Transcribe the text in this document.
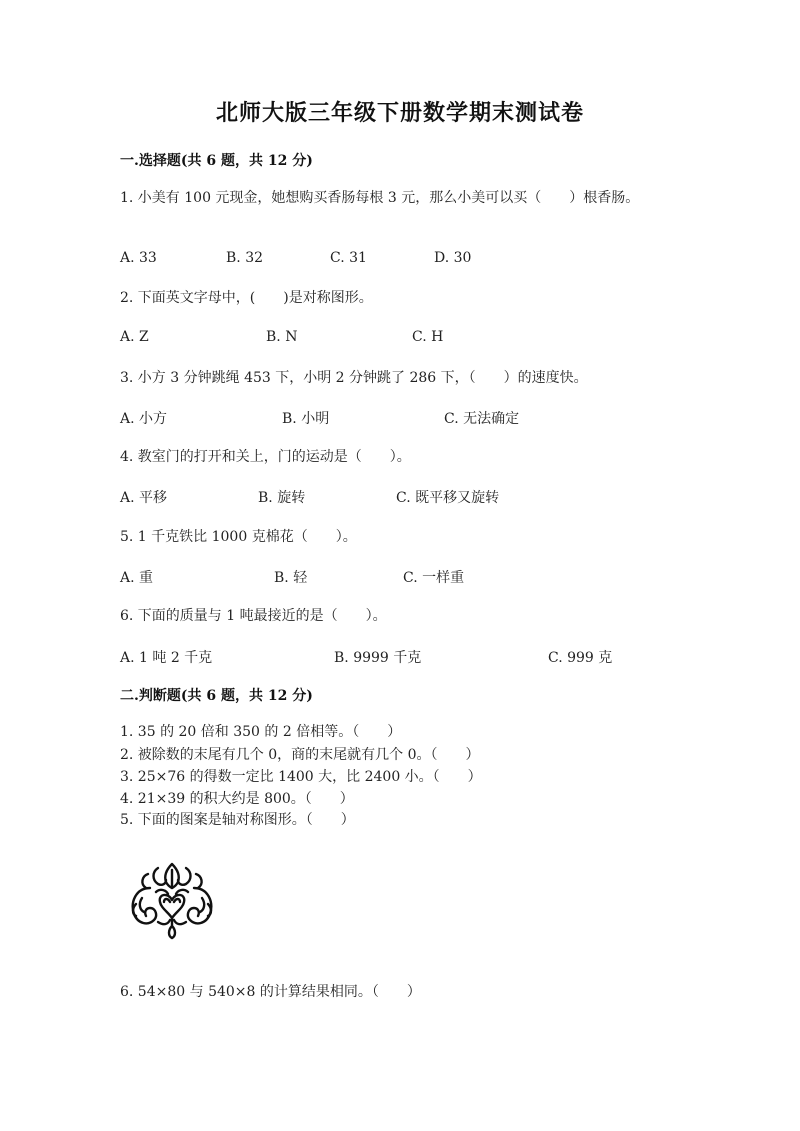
北师大版三年级下册数学期末测试卷
一.选择题(共 6 题，共 12 分)
1. 小美有 100 元现金，她想购买香肠每根 3 元，那么小美可以买（　　）根香肠。
A. 33	B. 32	C. 31	D. 30
2. 下面英文字母中，(　　)是对称图形。
A. Z	B. N	C. H
3. 小方 3 分钟跳绳 453 下，小明 2 分钟跳了 286 下，（　　）的速度快。
A. 小方	B. 小明	C. 无法确定
4. 教室门的打开和关上，门的运动是（　　）。
A. 平移	B. 旋转	C. 既平移又旋转
5. 1 千克铁比 1000 克棉花（　　）。
A. 重	B. 轻	C. 一样重
6. 下面的质量与 1 吨最接近的是（　　）。
A. 1 吨 2 千克	B. 9999 千克	C. 999 克
二.判断题(共 6 题，共 12 分)
1. 35 的 20 倍和 350 的 2 倍相等。（　　）
2. 被除数的末尾有几个 0，商的末尾就有几个 0。（　　）
3. 25×76 的得数一定比 1400 大，比 2400 小。（　　）
4. 21×39 的积大约是 800。（　　）
5. 下面的图案是轴对称图形。（　　）
6. 54×80 与 540×8 的计算结果相同。（　　）
